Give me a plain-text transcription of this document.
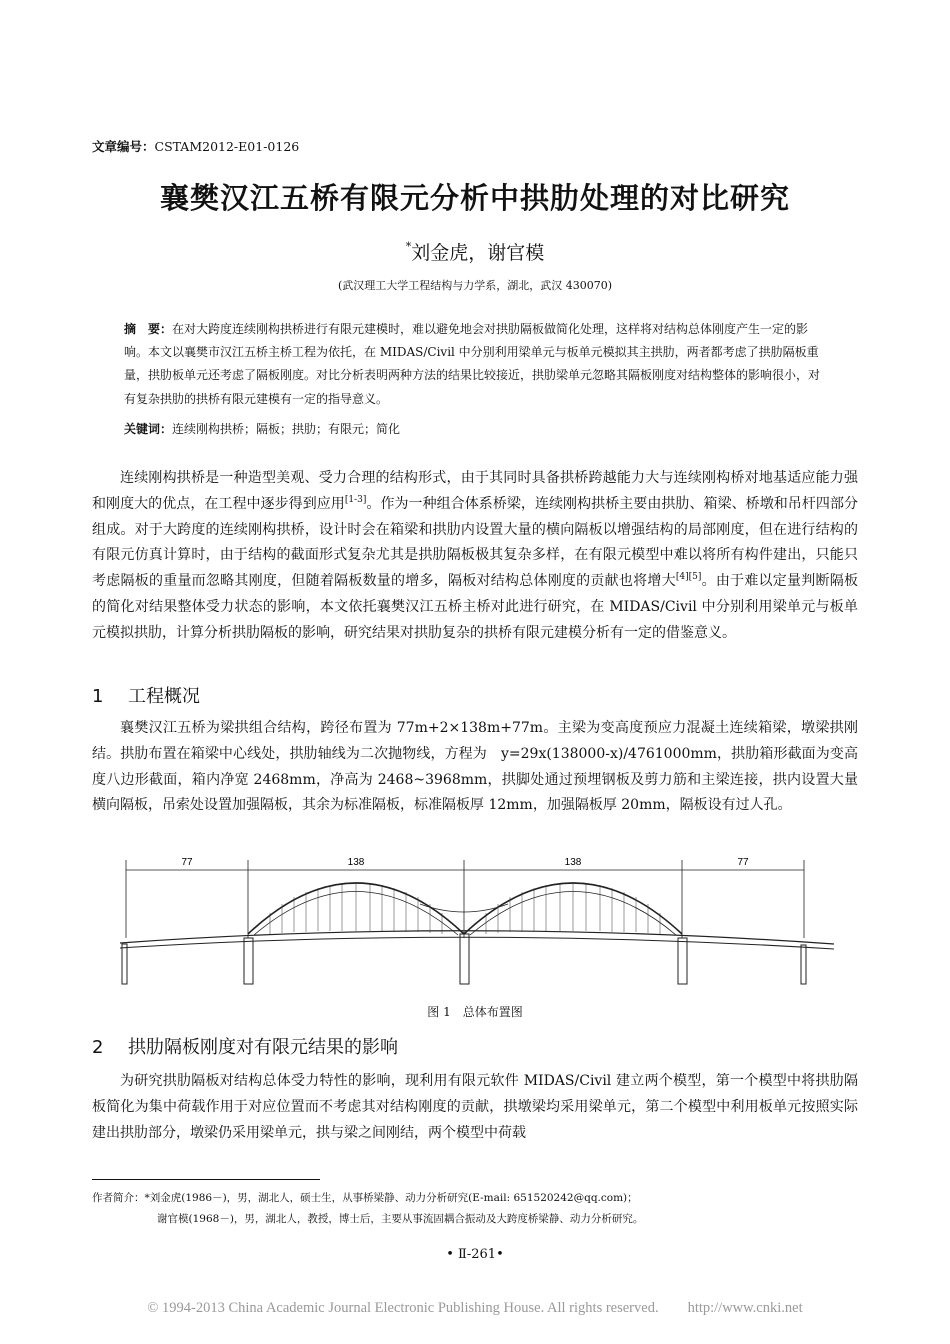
文章编号：CSTAM2012-E01-0126
襄樊汉江五桥有限元分析中拱肋处理的对比研究
*刘金虎，谢官模
(武汉理工大学工程结构与力学系，湖北，武汉 430070)
摘　要：在对大跨度连续刚构拱桥进行有限元建模时，难以避免地会对拱肋隔板做简化处理，这样将对结构总体刚度产生一定的影响。本文以襄樊市汉江五桥主桥工程为依托，在 MIDAS/Civil 中分别利用梁单元与板单元模拟其主拱肋，两者都考虑了拱肋隔板重量，拱肋板单元还考虑了隔板刚度。对比分析表明两种方法的结果比较接近，拱肋梁单元忽略其隔板刚度对结构整体的影响很小，对有复杂拱肋的拱桥有限元建模有一定的指导意义。
关键词：连续刚构拱桥；隔板；拱肋；有限元；简化
连续刚构拱桥是一种造型美观、受力合理的结构形式，由于其同时具备拱桥跨越能力大与连续刚构桥对地基适应能力强和刚度大的优点，在工程中逐步得到应用[1-3]。作为一种组合体系桥梁，连续刚构拱桥主要由拱肋、箱梁、桥墩和吊杆四部分组成。对于大跨度的连续刚构拱桥，设计时会在箱梁和拱肋内设置大量的横向隔板以增强结构的局部刚度，但在进行结构的有限元仿真计算时，由于结构的截面形式复杂尤其是拱肋隔板极其复杂多样，在有限元模型中难以将所有构件建出，只能只考虑隔板的重量而忽略其刚度，但随着隔板数量的增多，隔板对结构总体刚度的贡献也将增大[4][5]。由于难以定量判断隔板的简化对结果整体受力状态的影响，本文依托襄樊汉江五桥主桥对此进行研究，在 MIDAS/Civil 中分别利用梁单元与板单元模拟拱肋，计算分析拱肋隔板的影响，研究结果对拱肋复杂的拱桥有限元建模分析有一定的借鉴意义。
1 工程概况
襄樊汉江五桥为梁拱组合结构，跨径布置为 77m+2×138m+77m。主梁为变高度预应力混凝土连续箱梁，墩梁拱刚结。拱肋布置在箱梁中心线处，拱肋轴线为二次抛物线，方程为　y=29x(138000-x)/4761000mm，拱肋箱形截面为变高度八边形截面，箱内净宽 2468mm，净高为 2468~3968mm，拱脚处通过预埋钢板及剪力筋和主梁连接，拱内设置大量横向隔板，吊索处设置加强隔板，其余为标准隔板，标准隔板厚 12mm，加强隔板厚 20mm，隔板设有过人孔。
77	138	138	77
图 1　总体布置图
2 拱肋隔板刚度对有限元结果的影响
为研究拱肋隔板对结构总体受力特性的影响，现利用有限元软件 MIDAS/Civil 建立两个模型，第一个模型中将拱肋隔板简化为集中荷载作用于对应位置而不考虑其对结构刚度的贡献，拱墩梁均采用梁单元，第二个模型中利用板单元按照实际建出拱肋部分，墩梁仍采用梁单元，拱与梁之间刚结，两个模型中荷载
作者简介：*刘金虎(1986－)，男，湖北人，硕士生，从事桥梁静、动力分析研究(E-mail: 651520242@qq.com)；
谢官模(1968－)，男，湖北人，教授，博士后，主要从事流固耦合振动及大跨度桥梁静、动力分析研究。
• Ⅱ-261•
© 1994-2013 China Academic Journal Electronic Publishing House. All rights reserved.　　http://www.cnki.net
